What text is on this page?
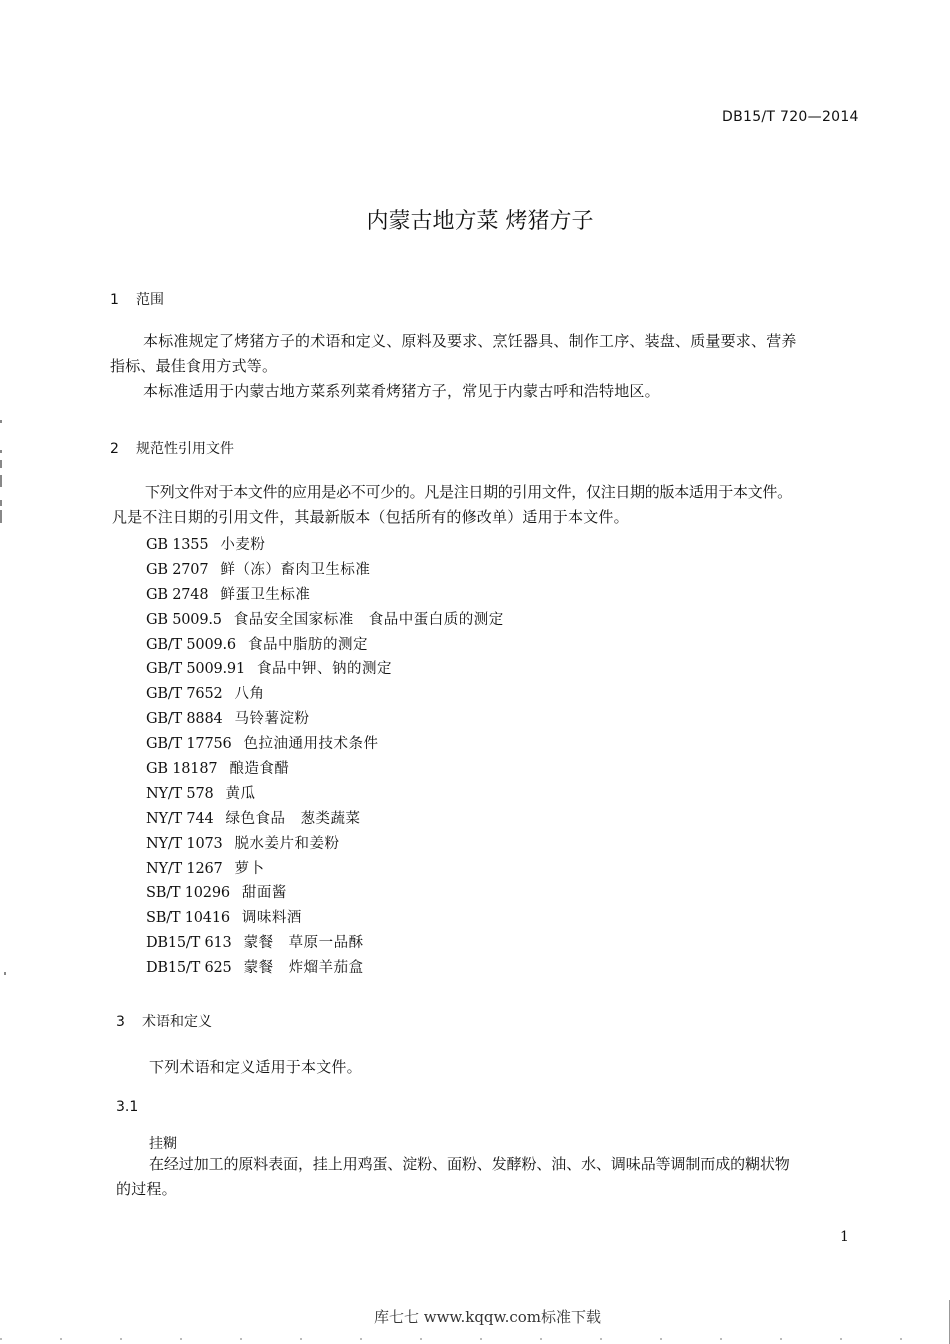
DB15/T 720—2014
内蒙古地方菜 烤猪方子
1 范围
本标准规定了烤猪方子的术语和定义、原料及要求、烹饪器具、制作工序、装盘、质量要求、营养
指标、最佳食用方式等。
本标准适用于内蒙古地方菜系列菜肴烤猪方子，常见于内蒙古呼和浩特地区。
2 规范性引用文件
下列文件对于本文件的应用是必不可少的。凡是注日期的引用文件，仅注日期的版本适用于本文件。
凡是不注日期的引用文件，其最新版本（包括所有的修改单）适用于本文件。
GB 1355 小麦粉
GB 2707 鲜（冻）畜肉卫生标准
GB 2748 鲜蛋卫生标准
GB 5009.5 食品安全国家标准　食品中蛋白质的测定
GB/T 5009.6 食品中脂肪的测定
GB/T 5009.91 食品中钾、钠的测定
GB/T 7652 八角
GB/T 8884 马铃薯淀粉
GB/T 17756 色拉油通用技术条件
GB 18187 酿造食醋
NY/T 578 黄瓜
NY/T 744 绿色食品　葱类蔬菜
NY/T 1073 脱水姜片和姜粉
NY/T 1267 萝卜
SB/T 10296 甜面酱
SB/T 10416 调味料酒
DB15/T 613 蒙餐　草原一品酥
DB15/T 625 蒙餐　炸熘羊茄盒
3 术语和定义
下列术语和定义适用于本文件。
3.1
挂糊
在经过加工的原料表面，挂上用鸡蛋、淀粉、面粉、发酵粉、油、水、调味品等调制而成的糊状物
的过程。
1
库七七 www.kqqw.com标准下载
